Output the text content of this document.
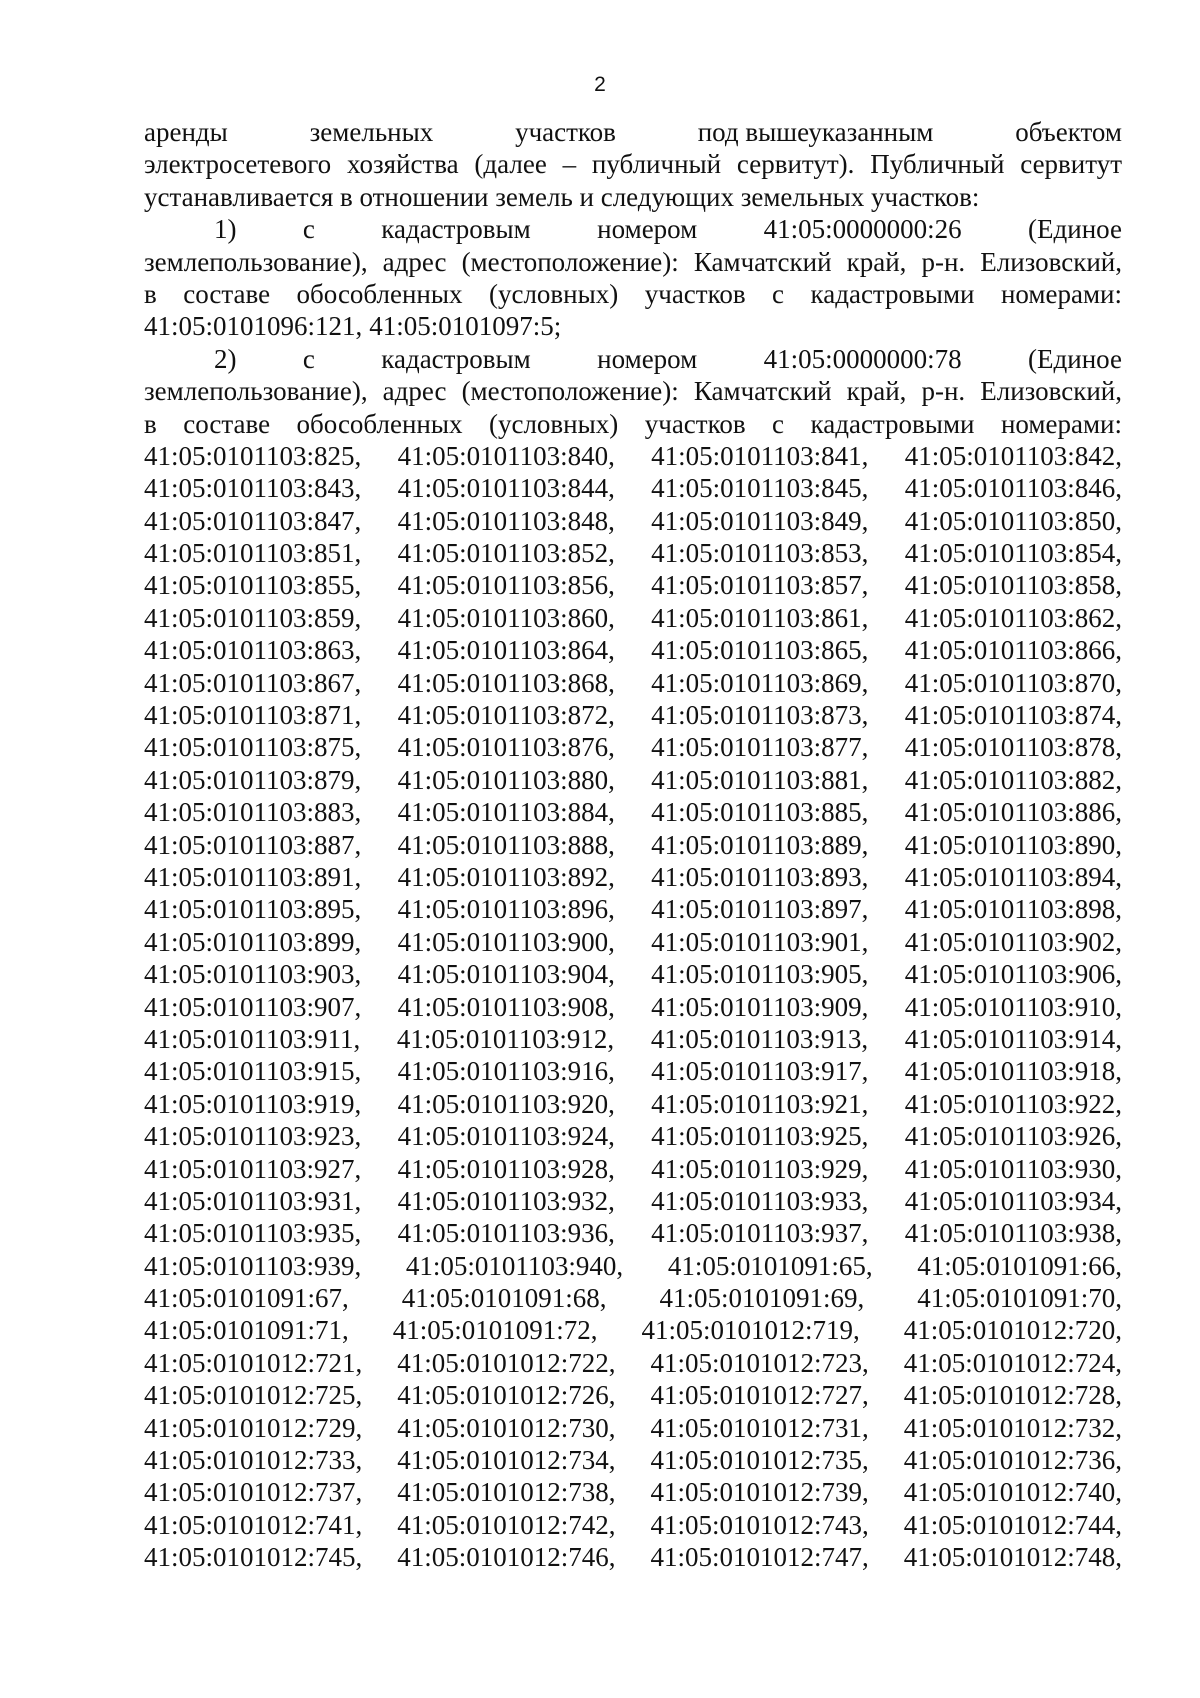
2
аренды	земельных	участков	под вышеуказанным	объектом
электросетевого хозяйства (далее – публичный сервитут). Публичный сервитут
устанавливается в отношении земель и следующих земельных участков:
1) с кадастровым номером 41:05:0000000:26 (Единое
землепользование), адрес (местоположение): Камчатский край, р-н. Елизовский,
в составе обособленных (условных) участков с кадастровыми номерами:
41:05:0101096:121, 41:05:0101097:5;
2) с кадастровым номером 41:05:0000000:78 (Единое
землепользование), адрес (местоположение): Камчатский край, р-н. Елизовский,
в составе обособленных (условных) участков с кадастровыми номерами:
41:05:0101103:825, 41:05:0101103:840, 41:05:0101103:841, 41:05:0101103:842,
41:05:0101103:843, 41:05:0101103:844, 41:05:0101103:845, 41:05:0101103:846,
41:05:0101103:847, 41:05:0101103:848, 41:05:0101103:849, 41:05:0101103:850,
41:05:0101103:851, 41:05:0101103:852, 41:05:0101103:853, 41:05:0101103:854,
41:05:0101103:855, 41:05:0101103:856, 41:05:0101103:857, 41:05:0101103:858,
41:05:0101103:859, 41:05:0101103:860, 41:05:0101103:861, 41:05:0101103:862,
41:05:0101103:863, 41:05:0101103:864, 41:05:0101103:865, 41:05:0101103:866,
41:05:0101103:867, 41:05:0101103:868, 41:05:0101103:869, 41:05:0101103:870,
41:05:0101103:871, 41:05:0101103:872, 41:05:0101103:873, 41:05:0101103:874,
41:05:0101103:875, 41:05:0101103:876, 41:05:0101103:877, 41:05:0101103:878,
41:05:0101103:879, 41:05:0101103:880, 41:05:0101103:881, 41:05:0101103:882,
41:05:0101103:883, 41:05:0101103:884, 41:05:0101103:885, 41:05:0101103:886,
41:05:0101103:887, 41:05:0101103:888, 41:05:0101103:889, 41:05:0101103:890,
41:05:0101103:891, 41:05:0101103:892, 41:05:0101103:893, 41:05:0101103:894,
41:05:0101103:895, 41:05:0101103:896, 41:05:0101103:897, 41:05:0101103:898,
41:05:0101103:899, 41:05:0101103:900, 41:05:0101103:901, 41:05:0101103:902,
41:05:0101103:903, 41:05:0101103:904, 41:05:0101103:905, 41:05:0101103:906,
41:05:0101103:907, 41:05:0101103:908, 41:05:0101103:909, 41:05:0101103:910,
41:05:0101103:911, 41:05:0101103:912, 41:05:0101103:913, 41:05:0101103:914,
41:05:0101103:915, 41:05:0101103:916, 41:05:0101103:917, 41:05:0101103:918,
41:05:0101103:919, 41:05:0101103:920, 41:05:0101103:921, 41:05:0101103:922,
41:05:0101103:923, 41:05:0101103:924, 41:05:0101103:925, 41:05:0101103:926,
41:05:0101103:927, 41:05:0101103:928, 41:05:0101103:929, 41:05:0101103:930,
41:05:0101103:931, 41:05:0101103:932, 41:05:0101103:933, 41:05:0101103:934,
41:05:0101103:935, 41:05:0101103:936, 41:05:0101103:937, 41:05:0101103:938,
41:05:0101103:939, 41:05:0101103:940, 41:05:0101091:65, 41:05:0101091:66,
41:05:0101091:67, 41:05:0101091:68, 41:05:0101091:69, 41:05:0101091:70,
41:05:0101091:71, 41:05:0101091:72, 41:05:0101012:719, 41:05:0101012:720,
41:05:0101012:721, 41:05:0101012:722, 41:05:0101012:723, 41:05:0101012:724,
41:05:0101012:725, 41:05:0101012:726, 41:05:0101012:727, 41:05:0101012:728,
41:05:0101012:729, 41:05:0101012:730, 41:05:0101012:731, 41:05:0101012:732,
41:05:0101012:733, 41:05:0101012:734, 41:05:0101012:735, 41:05:0101012:736,
41:05:0101012:737, 41:05:0101012:738, 41:05:0101012:739, 41:05:0101012:740,
41:05:0101012:741, 41:05:0101012:742, 41:05:0101012:743, 41:05:0101012:744,
41:05:0101012:745, 41:05:0101012:746, 41:05:0101012:747, 41:05:0101012:748,
